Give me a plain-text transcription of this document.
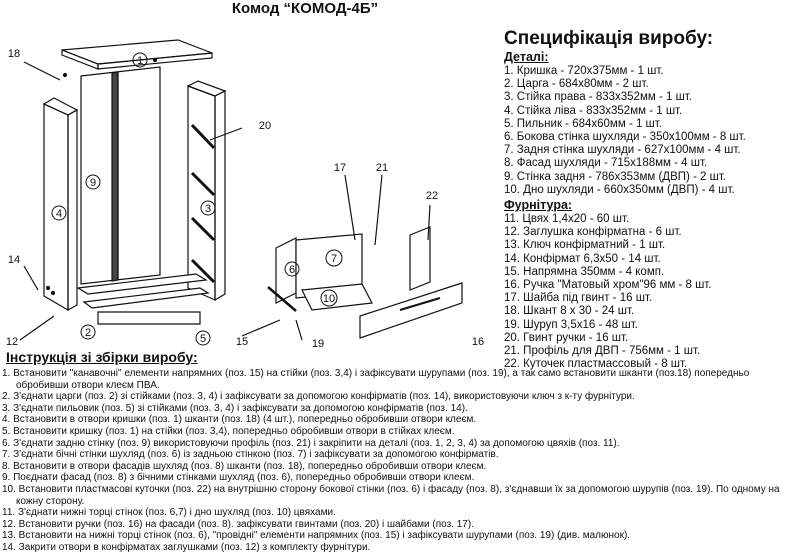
Комод “КОМОД-4Б”
1
2
3
4
5
6
7
9
10
12
14
15	16
17	21
18
19
20
22
Специфікація виробу:
Деталі:
1. Кришка - 720х375мм - 1 шт.
2. Царга - 684х80мм - 2 шт.
3. Стійка права - 833х352мм - 1 шт.
4. Стійка ліва - 833х352мм - 1 шт.
5. Пильник - 684х60мм - 1 шт.
6. Бокова стінка шухляди - 350х100мм - 8 шт.
7. Задня стінка шухляди - 627х100мм - 4 шт.
8. Фасад шухляди - 715х188мм - 4 шт.
9. Стінка задня - 786х353мм (ДВП) - 2 шт.
10. Дно шухляди - 660х350мм (ДВП) - 4 шт.
Фурнітура:
11. Цвях 1,4х20 - 60 шт.
12. Заглушка конфірматна - 6 шт.
13. Ключ конфірматний - 1 шт.
14. Конфірмат 6,3х50 - 14 шт.
15. Напрямна 350мм - 4 комп.
16. Ручка "Матовый хром"96 мм - 8 шт.
17. Шайба під гвинт - 16 шт.
18. Шкант 8 х 30 - 24 шт.
19. Шуруп 3,5х16 - 48 шт.
20. Гвинт ручки - 16 шт.
21. Профіль для ДВП - 756мм - 1 шт.
22. Куточек пластмассовый - 8 шт.
Інструкція зі збірки виробу:
1. Встановити "канавочні" елементи напрямних (поз. 15) на стійки (поз. 3,4) і зафіксувати шурупами (поз. 19), а так само встановити шканти (поз.18) попередньо обробивши отвори клеєм ПВА.
2. З'єднати царги (поз. 2) зі стійками (поз. 3, 4) і зафіксувати за допомогою конфірматів (поз. 14), використовуючи ключ з к-ту фурнітури.
3. З'єднати пильовик (поз. 5) зі стійками (поз. 3, 4) і зафіксувати за допомогою конфірматів (поз. 14).
4. Встановити в отвори кришки (поз. 1) шканти (поз. 18) (4 шт.), попередньо обробивши отвори клеєм.
5. Встановити кришку (поз. 1) на стійки (поз. 3,4), попередньо обробивши отвори в стійках клеєм.
6. З'єднати задню стінку (поз. 9) використовуючи профіль (поз. 21) і закріпити на деталі (поз. 1, 2, 3, 4) за допомогою цвяхів (поз. 11).
7. З'єднати бічні стінки шухляд (поз. 6) із задньою стінкою (поз. 7) і зафіксувати за допомогою конфірматів.
8. Встановити в отвори фасадів шухляд (поз. 8) шканти (поз. 18), попередньо обробивши отвори клеєм.
9. Поєднати фасад (поз. 8) з бічними стінками шухляд (поз. 6), попередньо обробивши отвори клеєм.
10. Встановити пластмасові куточки (поз. 22) на внутрішню сторону бокової стінки (поз. 6) і фасаду (поз. 8), з'єднавши їх за допомогою шурупів (поз. 19). По одному на кожну сторону.
11. З'єднати нижні торці стінок (поз. 6,7) і дно шухляд (поз. 10) цвяхами.
12. Встановити ручки (поз. 16) на фасади (поз. 8). зафіксувати гвинтами (поз. 20) і шайбами (поз. 17).
13. Встановити на нижні торці стінок (поз. 6), "провідні" елементи напрямних (поз. 15) і зафіксувати шурупами (поз. 19) (див. малюнок).
14. Закрити отвори в конфірматах заглушками (поз. 12) з комплекту фурнітури.
